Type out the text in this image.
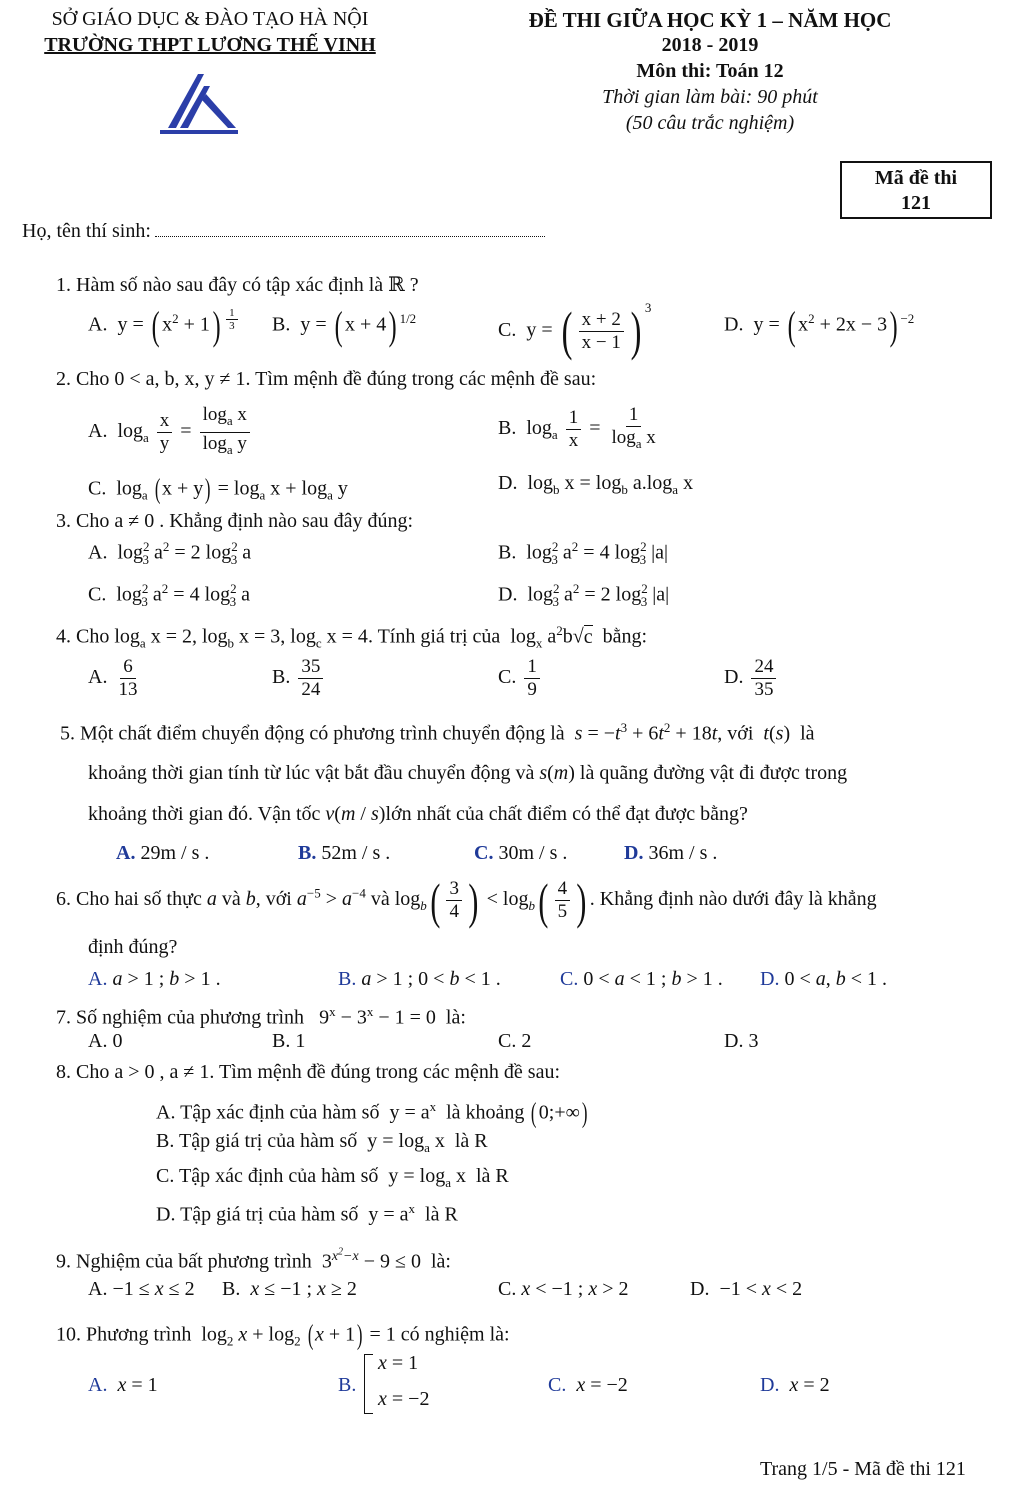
SỞ GIÁO DỤC & ĐÀO TẠO HÀ NỘI
TRƯỜNG THPT LƯƠNG THẾ VINH
ĐỀ THI GIỮA HỌC KỲ 1 – NĂM HỌC
2018 - 2019
Môn thi: Toán 12
Thời gian làm bài: 90 phút
(50 câu trắc nghiệm)
Mã đề thi
121
Họ, tên thí sinh:
1. Hàm số nào sau đây có tập xác định là ℝ ?
A.  y = ( $x^2 + 1$) $^{\frac{1}{3}}$ B.  y = ( x + 4) $^{1/2}$
C.  y = ( $\frac{x + 2}{x - 1}$ ) $^3$
D.  y = ( $x^2 + 2x - 3$) $^{-2}$
2. Cho 0 < a, b, x, y ≠ 1. Tìm mệnh đề đúng trong các mệnh đề sau:
A.  $\log_a \frac{x}{y} = \frac{\log_a x}{\log_a y}$	B.  $\log_a \frac{1}{x} = \frac{1}{\log_a x}$
C.  $\log_a (x + y) = \log_a x + \log_a y$	D.  $\log_b x = \log_b a.\log_a$ x
3. Cho a ≠ 0 . Khẳng định nào sau đây đúng:
A.  $\log^2_3 a^2 = 2$ $\log^2_3 a$	B.  $\log^2_3 a^2 = 4$ $\log^2_3 |a|$
C.  $\log^2_3 a^2 = 4$ $\log^2_3 a$	D.  $\log^2_3 a^2 = 2$ $\log^2_3 |a|$
4. Cho $\log_a x = 2$, $\log_b x = 3$, $\log_c x = 4$. Tính giá trị của  $\log_x a^2b√c$ bằng:
A. $\frac{6}{13}$	B. $\frac{35}{24}$	C. $\frac{1}{9}$	D. $\frac{24}{35}$
5. Một chất điểm chuyển động có phương trình chuyển động là $s = -t^3 + 6t^2 + 18t$, với t(s)  là
khoảng thời gian tính từ lúc vật bắt đầu chuyển động và s(m) là quãng đường vật đi được trong
khoảng thời gian đó. Vận tốc v(m / s)lớn nhất của chất điểm có thể đạt được bằng?
A. 29m / s .	B. 52m / s .	C. 30m / s .	D. 36m / s .
6. Cho hai số thực a và b, với $a^{-5} > a^{-4}$ và $\log_b( \frac{3}{4}$ ) < $\log_b( \frac{4}{5}$ ) . Khẳng định nào dưới đây là khẳng
định đúng?
A. a > 1 ; b > 1 .	B. a > 1 ; 0 < b < 1 .	C. 0 < a < 1 ; b > 1 . D. 0 < a, b < 1 .
7. Số nghiệm của phương trình   $9^x - 3^x - 1 = 0$  là:
A. 0	B. 1	C. 2	D. 3
8. Cho a > 0 , a ≠ 1. Tìm mệnh đề đúng trong các mệnh đề sau:
A. Tập xác định của hàm số  $y = a^x$ là khoảng (0;+∞)
B. Tập giá trị của hàm số  $y = \log_a x$  là R
C. Tập xác định của hàm số  $y = \log_a x$  là R
D. Tập giá trị của hàm số  $y = a^x$ là R
9. Nghiệm của bất phương trình  $3^{x^2-x} - 9 \le 0$  là:
A. −1 ≤ x ≤ 2 B.  x ≤ −1 ; x ≥ 2	C. x < −1 ; x > 2	D.  −1 < x < 2
10. Phương trình  $\log_2 x + \log_2 (x + 1) = 1$ có nghiệm là:
A. x = 1	B.
x = 1
x = −2
C. x = −2	D. x = 2
Trang 1/5 - Mã đề thi 121
